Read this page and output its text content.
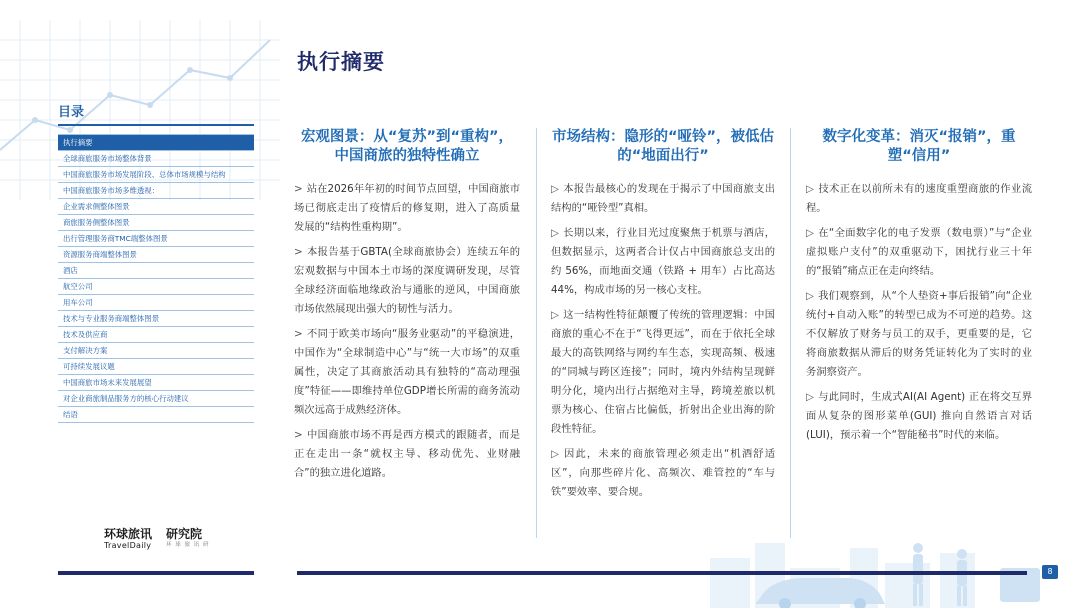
执行摘要
目录
执行摘要
全球商旅服务市场整体背景
中国商旅服务市场发展阶段、总体市场规模与结构
中国商旅服务市场多维透视：
企业需求侧整体图景
商旅服务侧整体图景
出行管理服务商TMC端整体图景
资源服务商端整体图景
酒店
航空公司
用车公司
技术与专业服务商端整体图景
技术及供应商
支付解决方案
可持续发展议题
中国商旅市场未来发展展望
对企业商旅制品服务方的核心行动建议
结语
环球旅讯
TravelDaily
研究院
环 球 旅 讯 研
宏观图景：从“复苏”到“重构”，中国商旅的独特性确立

> 站在2026年年初的时间节点回望，中国商旅市场已彻底走出了疫情后的修复期，进入了高质量发展的“结构性重构期”。

> 本报告基于GBTA(全球商旅协会）连续五年的宏观数据与中国本土市场的深度调研发现，尽管全球经济面临地缘政治与通胀的逆风，中国商旅市场依然展现出强大的韧性与活力。

> 不同于欧美市场向“服务业驱动”的平稳演进，中国作为“全球制造中心”与“统一大市场”的双重属性，决定了其商旅活动具有独特的“高动理强度”特征——即维持单位GDP增长所需的商务流动频次远高于成熟经济体。

> 中国商旅市场不再是西方模式的跟随者，而是正在走出一条“就权主导、移动优先、业财融合”的独立进化道路。

市场结构：隐形的“哑铃”，被低估的“地面出行”

▷ 本报告最核心的发现在于揭示了中国商旅支出结构的“哑铃型”真相。

▷ 长期以来，行业目光过度聚焦于机票与酒店，但数据显示，这两者合计仅占中国商旅总支出的约 56%，而地面交通（铁路 + 用车）占比高达 44%，构成市场的另一核心支柱。

▷ 这一结构性特征颠覆了传统的管理逻辑：中国商旅的重心不在于“飞得更远”，而在于依托全球最大的高铁网络与网约车生态，实现高频、极速的“同城与跨区连接”；同时，境内外结构呈现鲜明分化，境内出行占据绝对主导，跨境差旅以机票为核心、住宿占比偏低，折射出企业出海的阶段性特征。

▷ 因此，未来的商旅管理必须走出“机酒舒适区”，向那些碎片化、高频次、难管控的“车与铁”要效率、要合规。

数字化变革：消灭“报销”，重塑“信用”

▷ 技术正在以前所未有的速度重塑商旅的作业流程。

▷ 在“全面数字化的电子发票（数电票）”与“企业虚拟账户支付”的双重驱动下，困扰行业三十年的“报销”痛点正在走向终结。

▷ 我们观察到，从“个人垫资+事后报销”向“企业统付+自动入账”的转型已成为不可逆的趋势。这不仅解放了财务与员工的双手，更重要的是，它将商旅数据从滞后的财务凭证转化为了实时的业务洞察资产。

▷ 与此同时，生成式AI(AI Agent) 正在将交互界面从复杂的图形菜单(GUI) 推向自然语言对话(LUI)，预示着一个“智能秘书”时代的来临。

8
